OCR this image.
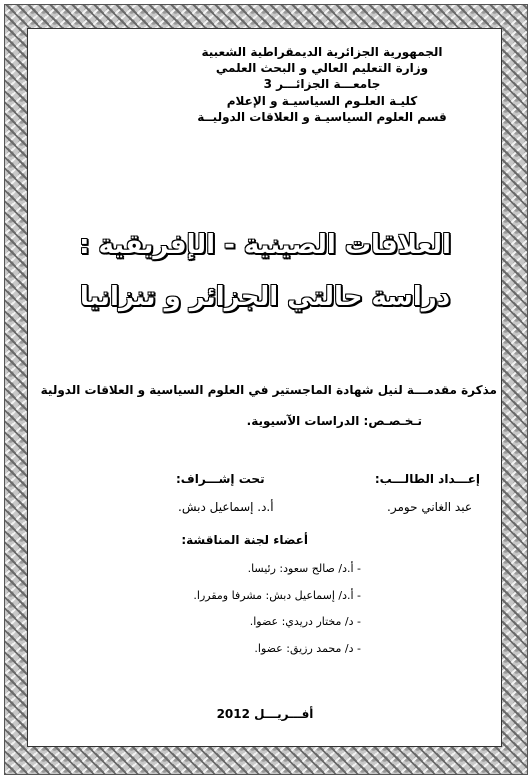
الجمهورية الجزائرية الديمقراطية الشعبية
وزارة التعليم العالي و البحث العلمي
جامعـــة الجزائـــر 3
كليـة العلـوم السياسيـة و الإعلام
قسم العلوم السياسيـة و العلاقات الدوليــة
العلاقات الصينية - الإفريقية :
دراسة حالتي الجزائر و تنزانيا
مذكرة مقدمـــة لنيل شهادة الماجستير في العلوم السياسية و العلاقات الدولية
تـخـصـص: الدراسات الآسيوية.
إعـــداد الطالـــب:
تحت إشـــراف:
عبد الغاني حومر.
أ.د. إسماعيل دبش.
أعضاء لجنة المناقشة:
- أ.د/ صالح سعود: رئيسا.
- أ.د/ إسماعيل دبش: مشرفا ومقررا.
- د/ مختار دريدي: عضوا.
- د/ محمد رزيق: عضوا.
أفـــريـــل 2012
